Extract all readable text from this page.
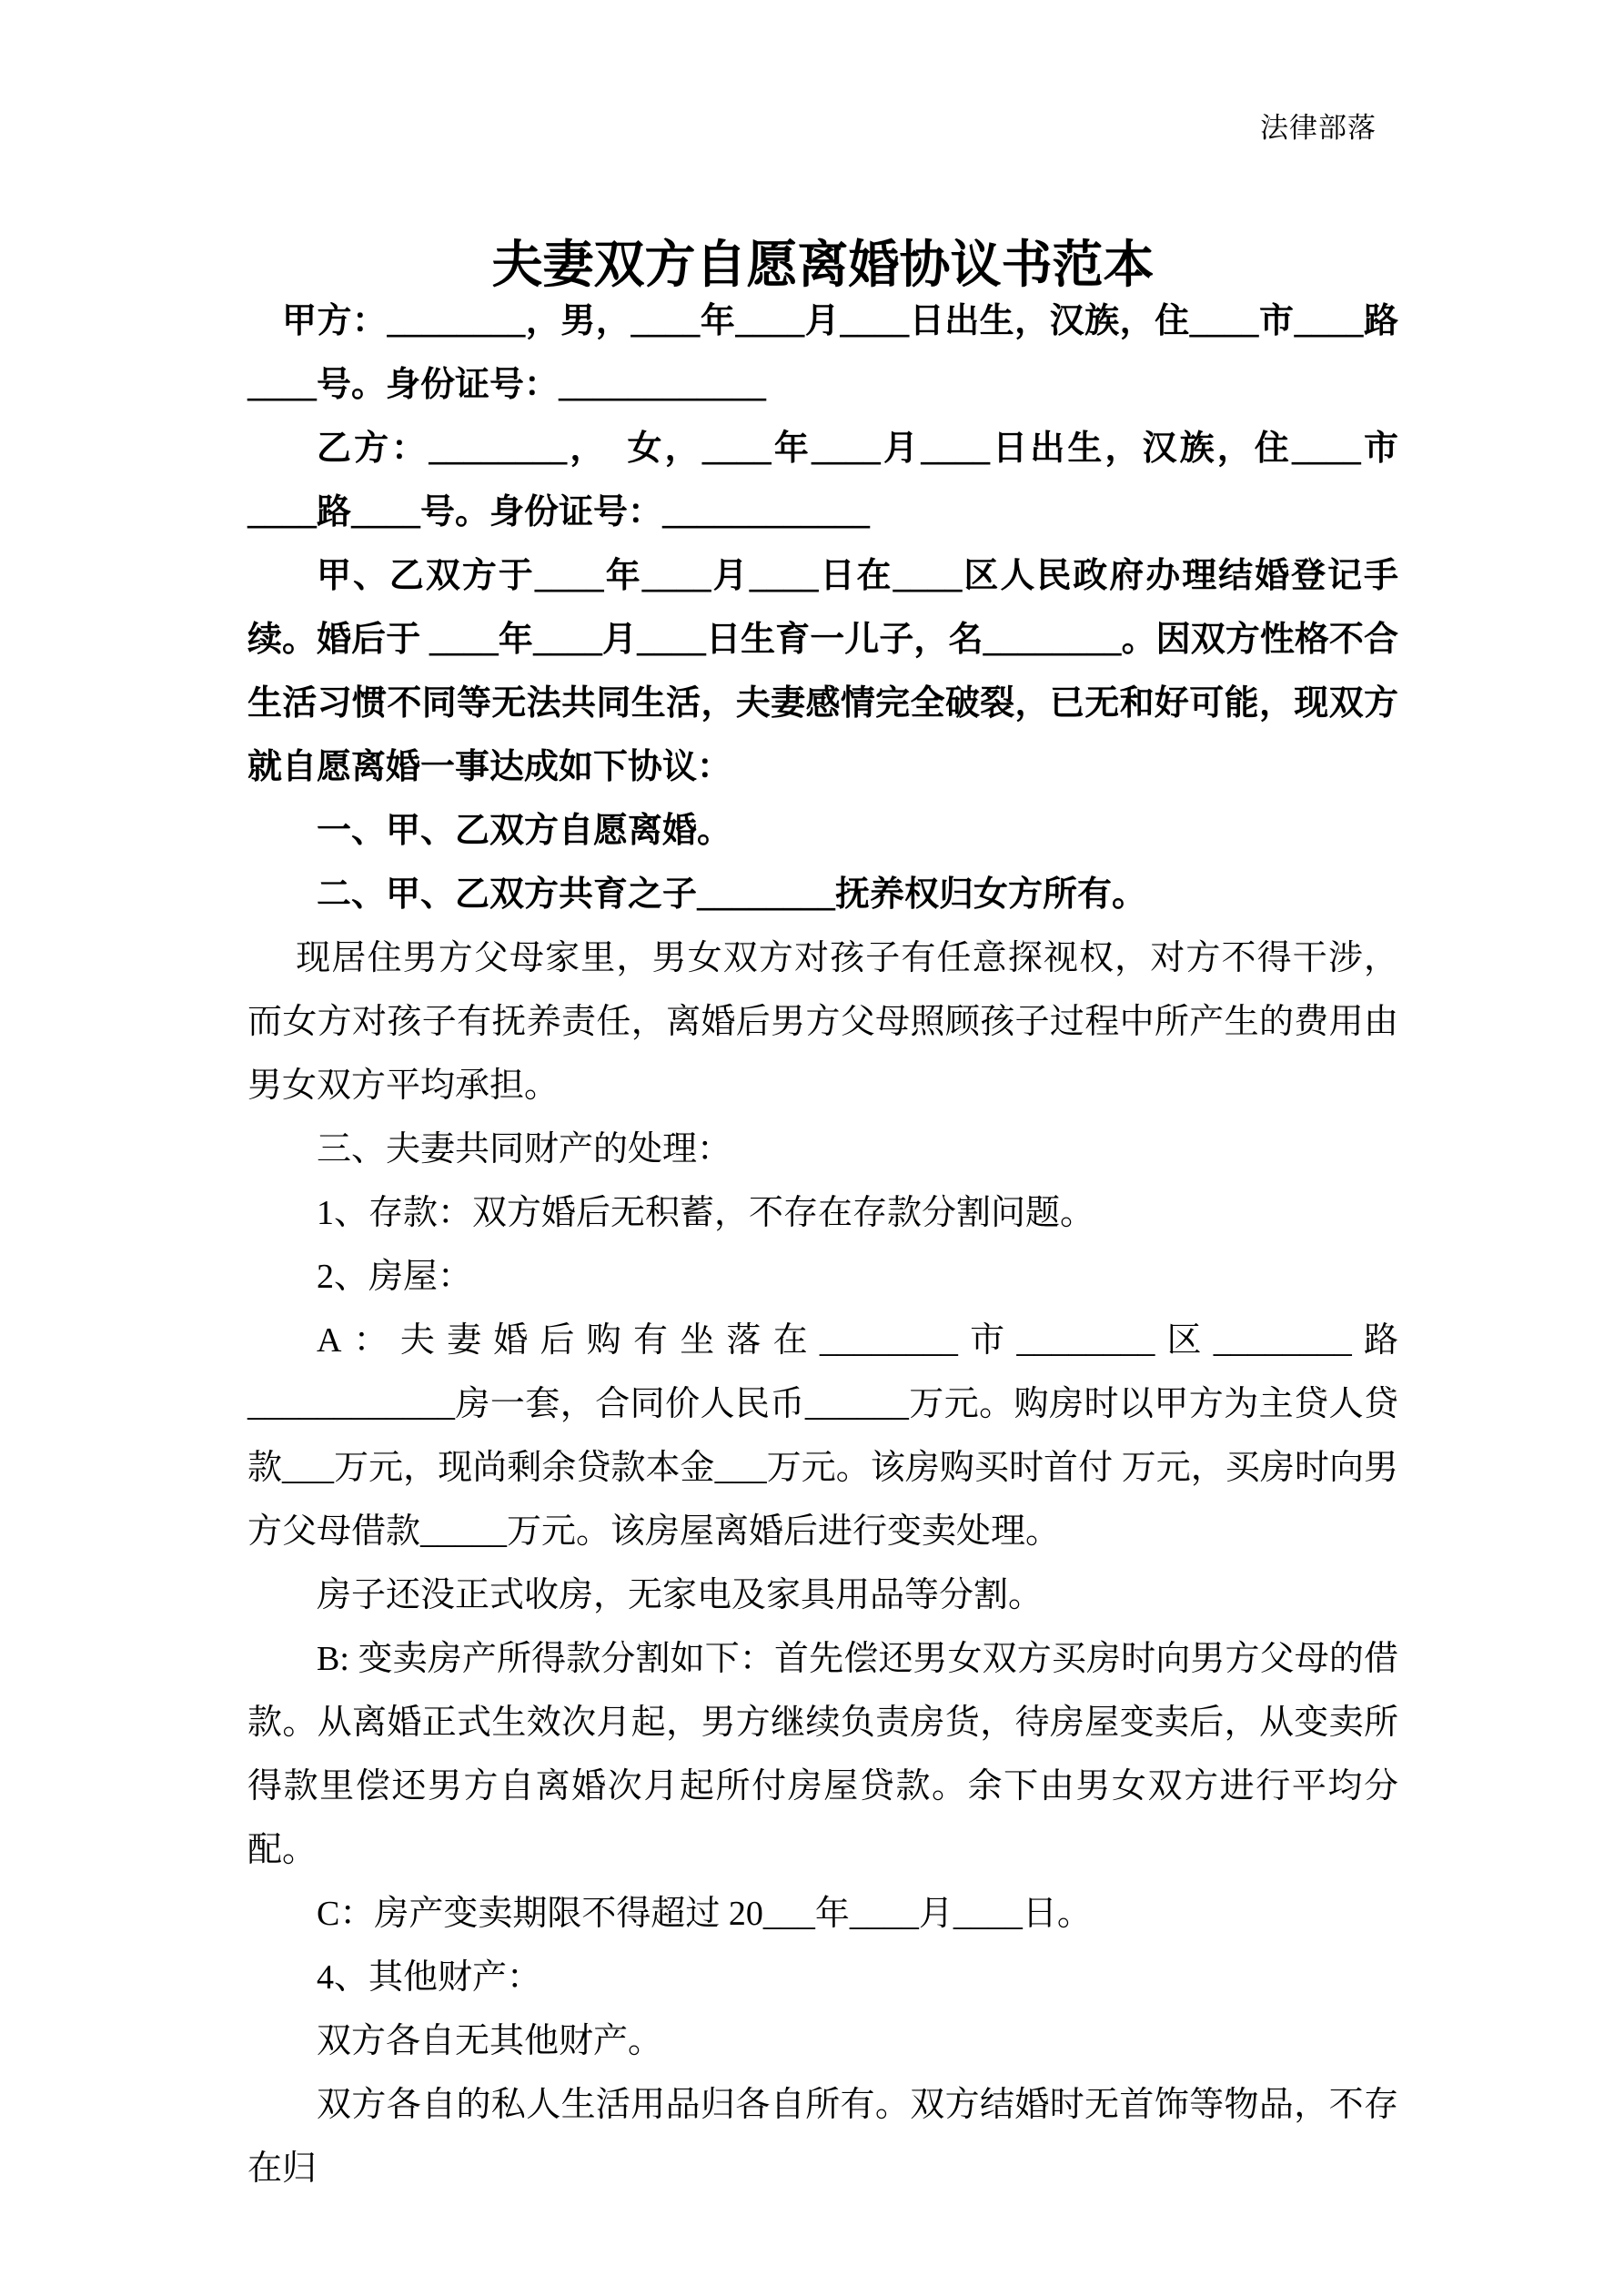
法律部落
夫妻双方自愿离婚协议书范本

甲方：________，男，____年____月____日出生，汉族，住____市____路____号。身份证号：____________

乙方：________，　女，____年____月____日出生，汉族，住____市____路____号。身份证号：____________

甲、乙双方于____年____月____日在____区人民政府办理结婚登记手续。婚后于 ____年____月____日生育一儿子，名________。因双方性格不合生活习惯不同等无法共同生活，夫妻感情完全破裂，已无和好可能，现双方就自愿离婚一事达成如下协议：

一、甲、乙双方自愿离婚。

二、甲、乙双方共育之子________抚养权归女方所有。

现居住男方父母家里，男女双方对孩子有任意探视权，对方不得干涉，而女方对孩子有抚养责任，离婚后男方父母照顾孩子过程中所产生的费用由男女双方平均承担。

三、夫妻共同财产的处理：

1、存款：双方婚后无积蓄，不存在存款分割问题。

2、房屋：

A：夫妻婚后购有坐落在________市________区________路 ____________房一套，合同价人民币______万元。购房时以甲方为主贷人贷款___万元，现尚剩余贷款本金___万元。该房购买时首付 万元，买房时向男方父母借款_____万元。该房屋离婚后进行变卖处理。

房子还没正式收房，无家电及家具用品等分割。

B: 变卖房产所得款分割如下：首先偿还男女双方买房时向男方父母的借款。从离婚正式生效次月起，男方继续负责房货，待房屋变卖后，从变卖所得款里偿还男方自离婚次月起所付房屋贷款。余下由男女双方进行平均分配。

C：房产变卖期限不得超过 20___年____月____日。

4、其他财产：

双方各自无其他财产。

双方各自的私人生活用品归各自所有。双方结婚时无首饰等物品，不存在归
